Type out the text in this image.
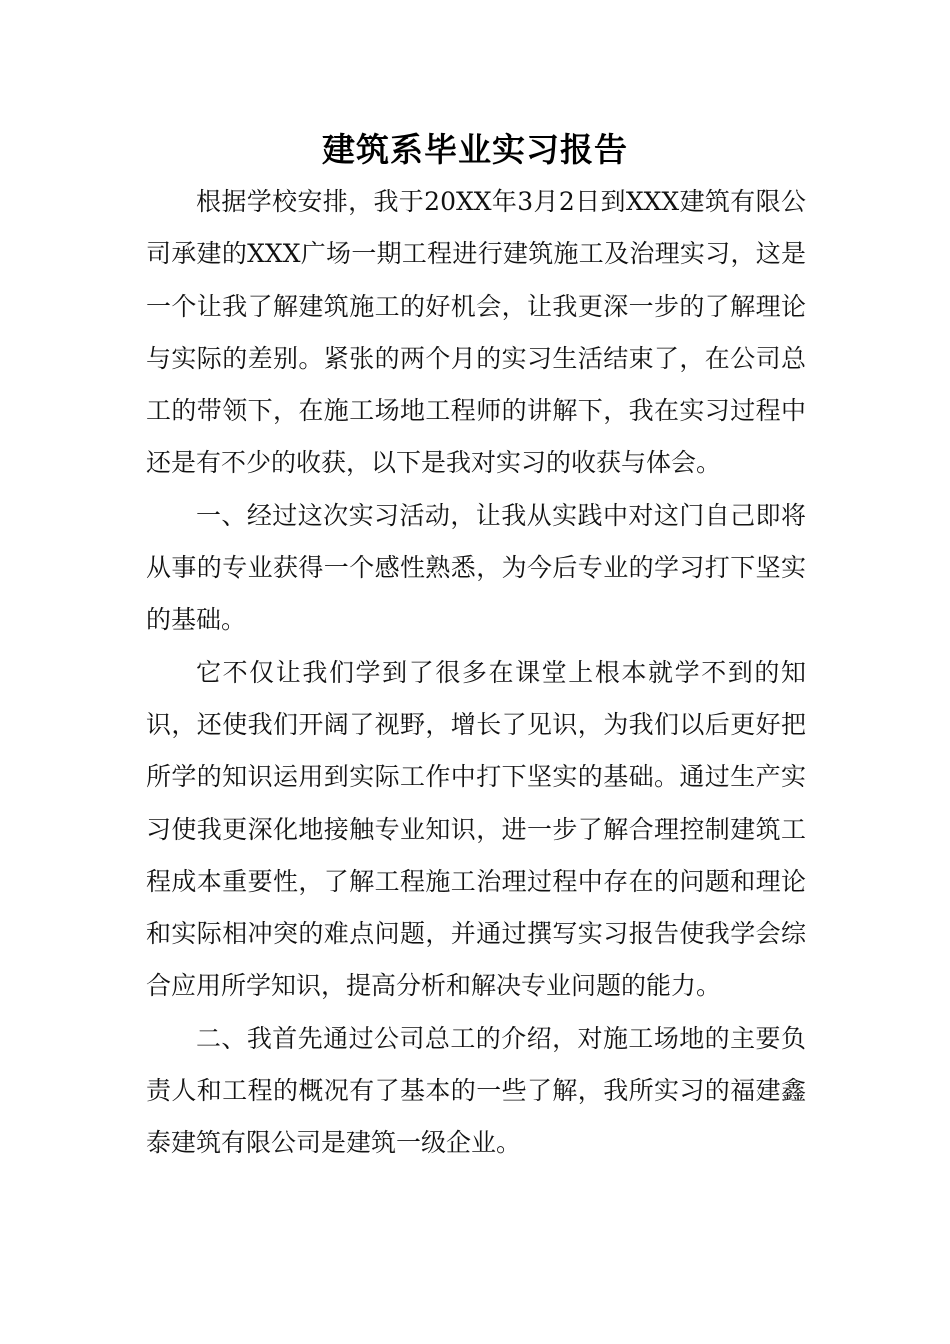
建筑系毕业实习报告

根据学校安排，我于20XX年3月2日到XXX建筑有限公司承建的XXX广场一期工程进行建筑施工及治理实习，这是一个让我了解建筑施工的好机会，让我更深一步的了解理论与实际的差别。紧张的两个月的实习生活结束了，在公司总工的带领下，在施工场地工程师的讲解下，我在实习过程中还是有不少的收获，以下是我对实习的收获与体会。

一、经过这次实习活动，让我从实践中对这门自己即将从事的专业获得一个感性熟悉，为今后专业的学习打下坚实的基础。

它不仅让我们学到了很多在课堂上根本就学不到的知识，还使我们开阔了视野，增长了见识，为我们以后更好把所学的知识运用到实际工作中打下坚实的基础。通过生产实习使我更深化地接触专业知识，进一步了解合理控制建筑工程成本重要性，了解工程施工治理过程中存在的问题和理论和实际相冲突的难点问题，并通过撰写实习报告使我学会综合应用所学知识，提高分析和解决专业问题的能力。

二、我首先通过公司总工的介绍，对施工场地的主要负责人和工程的概况有了基本的一些了解，我所实习的福建鑫泰建筑有限公司是建筑一级企业。
